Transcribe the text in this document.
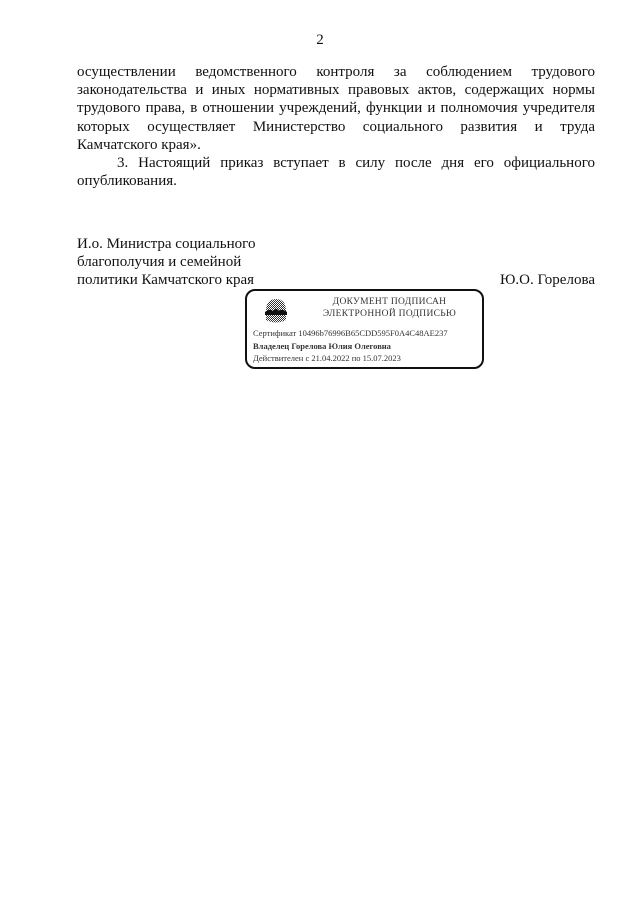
2

осуществлении ведомственного контроля за соблюдением трудового
законодательства и иных нормативных правовых актов, содержащих нормы
трудового права, в отношении учреждений, функции и полномочия учредителя
которых осуществляет Министерство социального развития и труда

Камчатского края».

3. Настоящий приказ вступает в силу после дня его официального

опубликования.

И.о. Министра социального
благополучия и семейной
политики Камчатского края	Ю.О. Горелова
ДОКУМЕНТ ПОДПИСАН
ЭЛЕКТРОННОЙ ПОДПИСЬЮ
Сертификат 10496b76996B65CDD595F0A4C48AE237
Владелец Горелова Юлия Олеговна
Действителен с 21.04.2022 по 15.07.2023
